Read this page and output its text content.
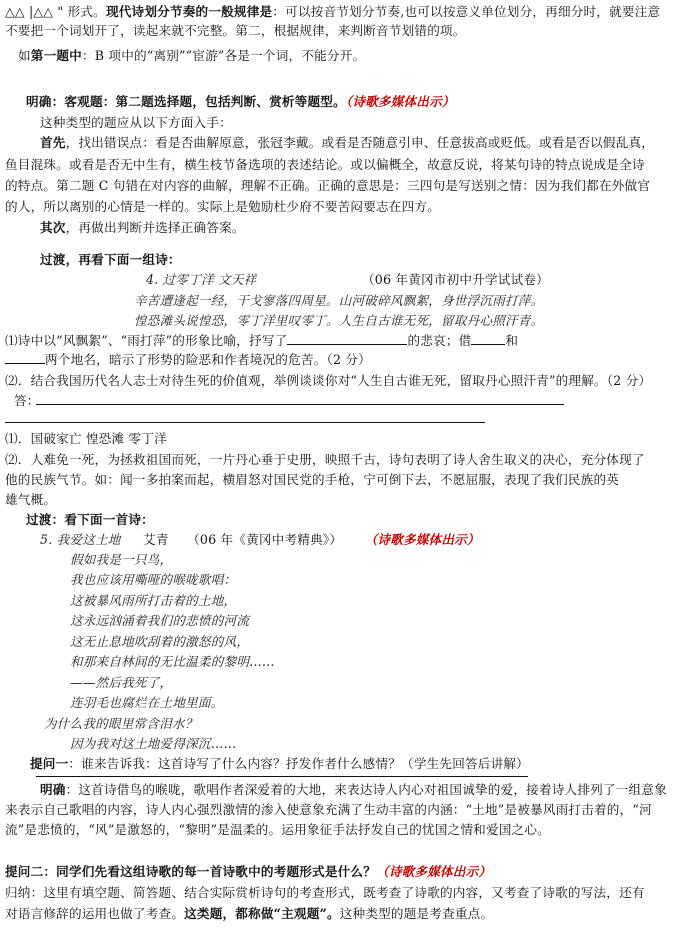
△△ |△△ " 形式。现代诗划分节奏的一般规律是：可以按音节划分节奏,也可以按意义单位划分，再细分时，就要注意
不要把一个词划开了，读起来就不完整。第二，根据规律，来判断音节划错的项。
如第一题中：B 项中的“离别”“宦游”各是一个词，不能分开。
明确：客观题：第二题选择题，包括判断、赏析等题型。（诗歌多媒体出示）
这种类型的题应从以下方面入手：
首先，找出错误点：看是否曲解原意，张冠李戴。或看是否随意引申、任意拔高或贬低。或看是否以假乱真，
鱼目混珠。或看是否无中生有，横生枝节备选项的表述结论。或以偏概全，故意反说，将某句诗的特点说成是全诗
的特点。第二题 C 句错在对内容的曲解，理解不正确。正确的意思是：三四句是写送别之情：因为我们都在外做官
的人，所以离别的心情是一样的。实际上是勉励杜少府不要苦闷要志在四方。
其次，再做出判断并选择正确答案。
过渡，再看下面一组诗：
4. 过零丁洋 文天祥	（06 年黄冈市初中升学试试卷）
辛苦遭逢起一经，干戈寥落四周星。山河破碎风飘絮，身世浮沉雨打萍。
惶恐滩头说惶恐，零丁洋里叹零丁。人生自古谁无死，留取丹心照汗青。
⑴诗中以“风飘絮”、“雨打萍”的形象比喻，抒写了	的悲哀；借	和
两个地名，暗示了形势的险恶和作者境况的危苦。（2 分）
⑵．结合我国历代名人志士对待生死的价值观，举例谈谈你对“人生自古谁无死，留取丹心照汗青”的理解。（2 分）
答：
⑴．国破家亡 惶恐滩 零丁洋
⑵．人难免一死，为拯救祖国而死，一片丹心垂于史册，映照千古，诗句表明了诗人舍生取义的决心，充分体现了
他的民族气节。如：闻一多拍案而起，横眉怒对国民党的手枪，宁可倒下去，不愿屈服，表现了我们民族的英
雄气概。
过渡：看下面一首诗：
5. 我爱这土地 艾青 （06 年《黄冈中考精典》） （诗歌多媒体出示）
假如我是一只鸟，
我也应该用嘶哑的喉咙歌唱：
这被暴风雨所打击着的土地，
这永远汹涌着我们的悲愤的河流
这无止息地吹刮着的激怒的风，
和那来自林间的无比温柔的黎明……
——然后我死了，
连羽毛也腐烂在土地里面。
为什么我的眼里常含泪水？
因为我对这土地爱得深沉……
提问一：谁来告诉我：这首诗写了什么内容？抒发作者什么感情？（学生先回答后讲解）
明确：这首诗借鸟的喉咙，歌唱作者深爱着的大地，来表达诗人内心对祖国诚挚的爱，接着诗人排列了一组意象
来表示自己歌唱的内容，诗人内心强烈激情的渗入使意象充满了生动丰富的内涵：“土地”是被暴风雨打击着的，“河
流”是悲愤的，“风”是激怒的，“黎明”是温柔的。运用象征手法抒发自己的忧国之情和爱国之心。
提问二：同学们先看这组诗歌的每一首诗歌中的考题形式是什么？（诗歌多媒体出示）
归纳：这里有填空题、简答题、结合实际赏析诗句的考查形式，既考查了诗歌的内容，又考查了诗歌的写法，还有
对语言修辞的运用也做了考查。这类题，都称做“主观题”。这种类型的题是考查重点。
